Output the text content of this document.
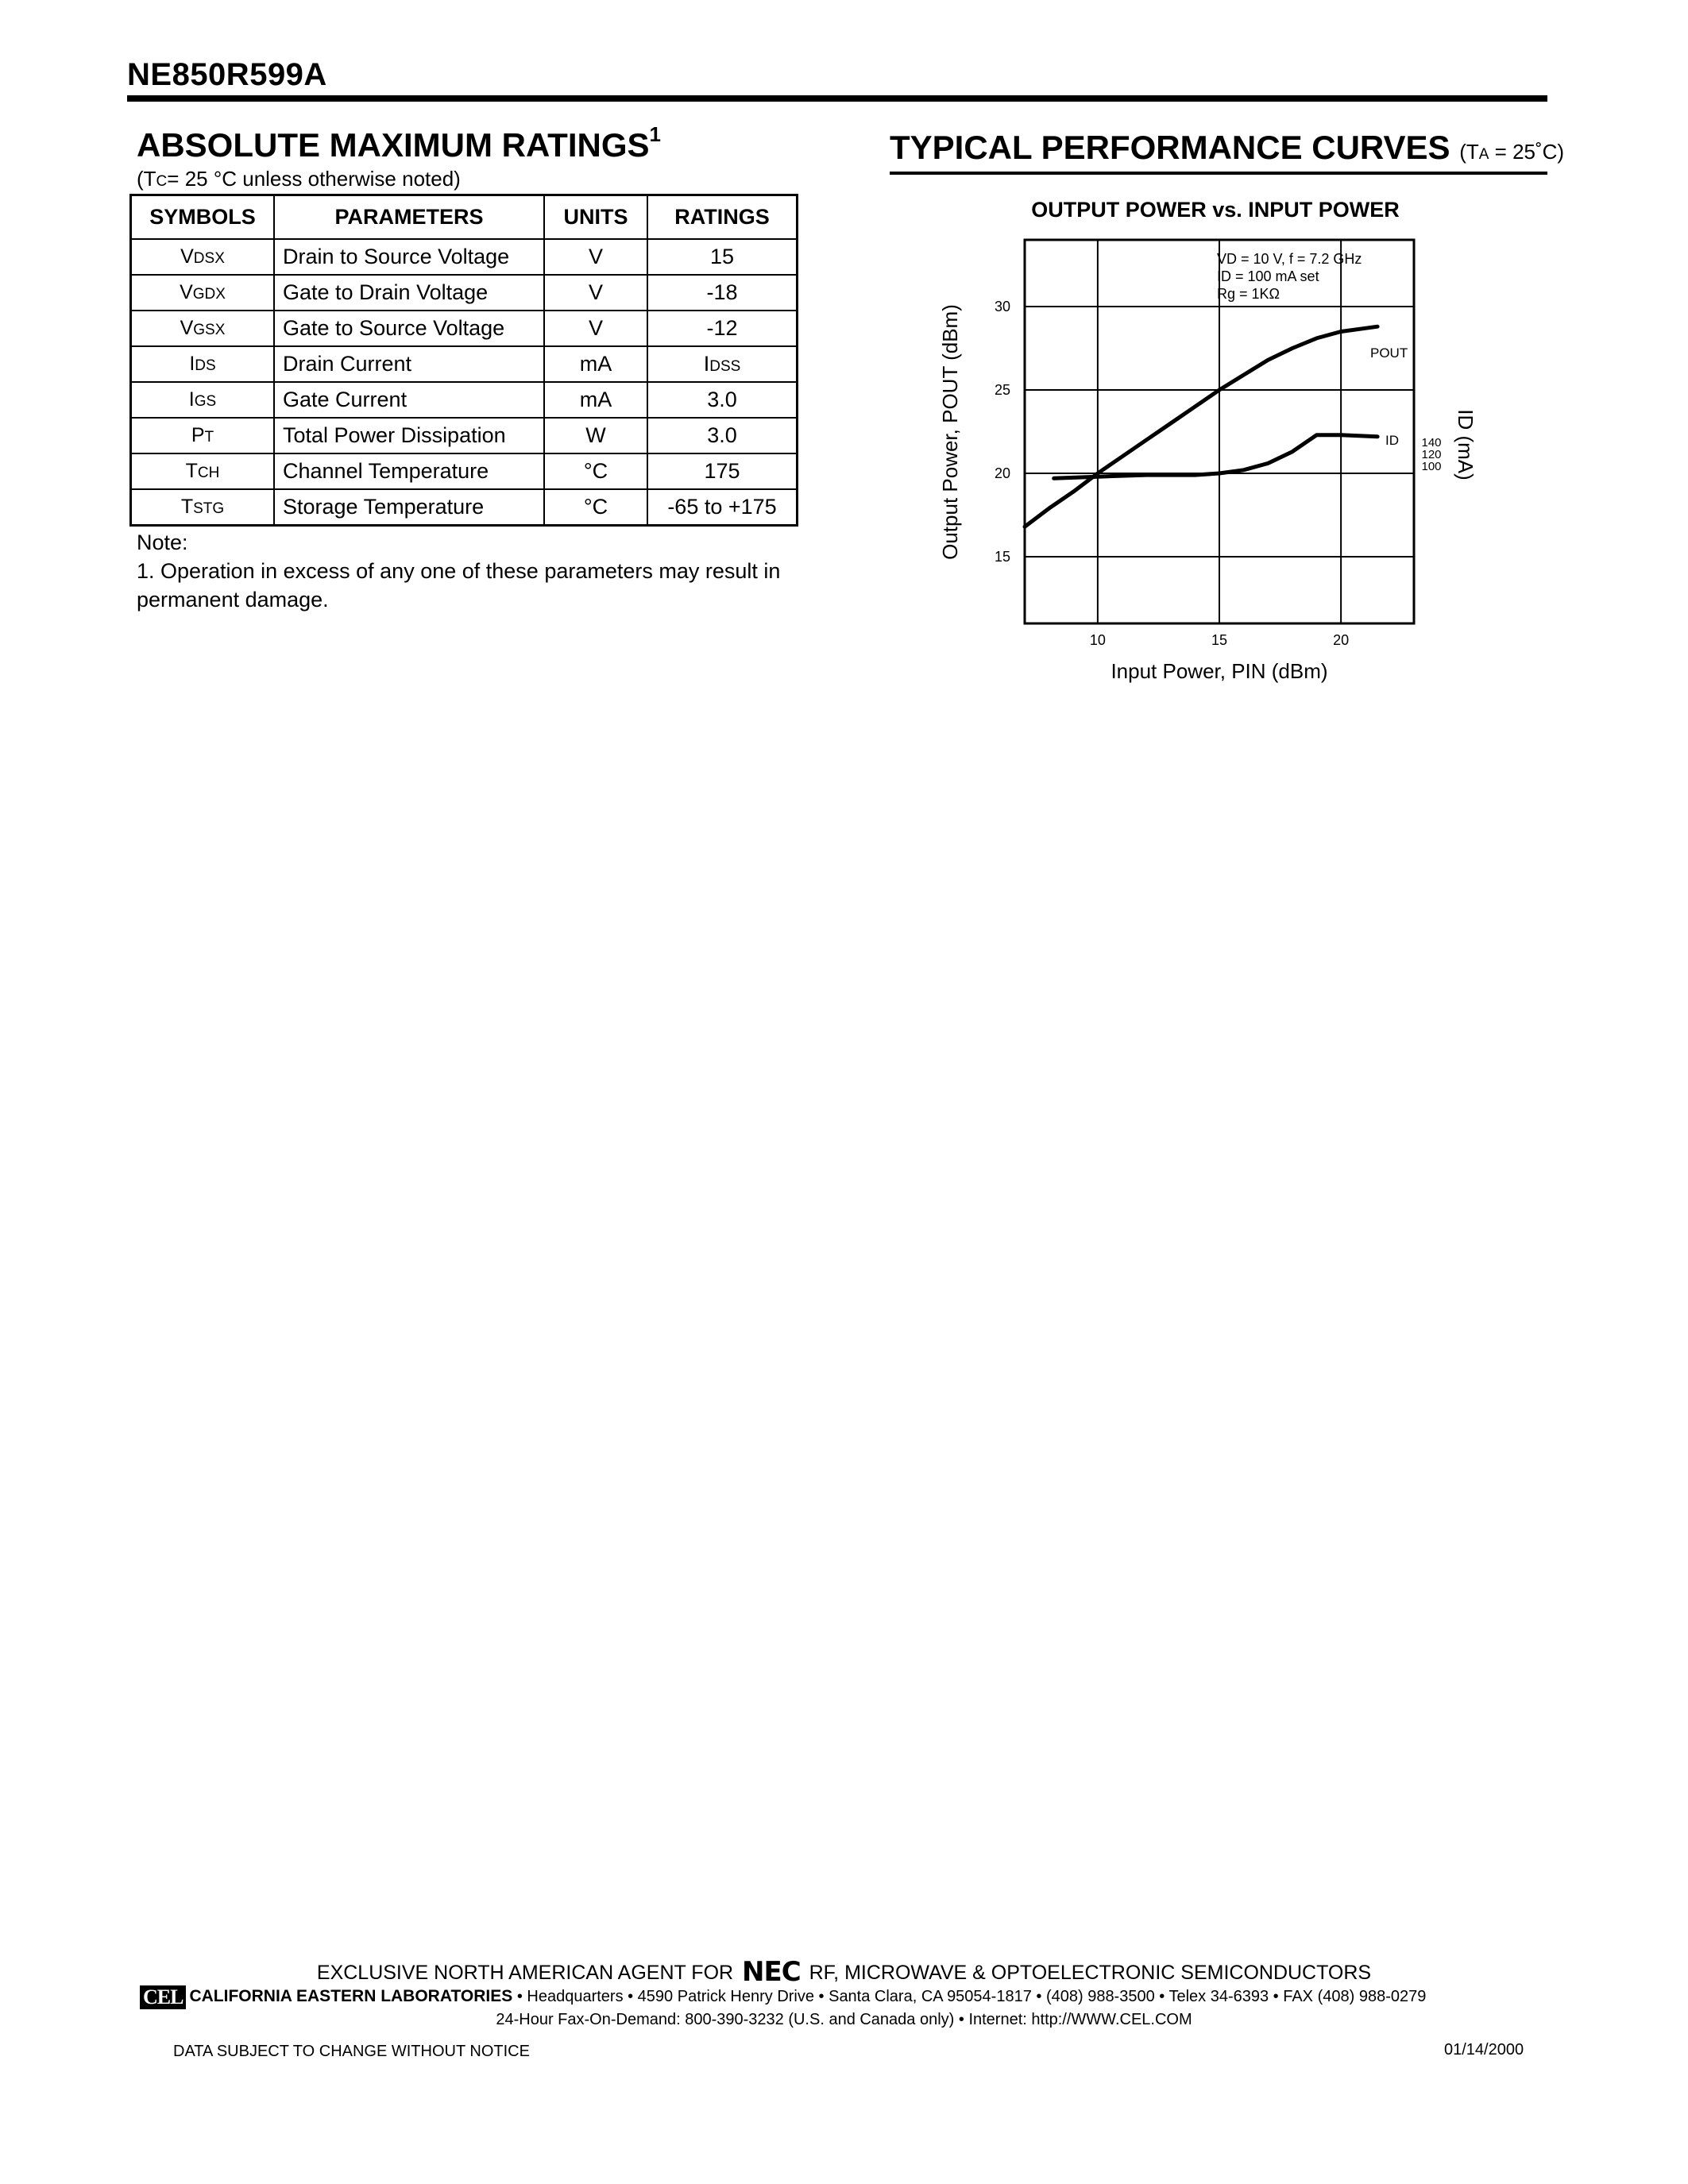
NE850R599A
ABSOLUTE MAXIMUM RATINGS$^1$
(TC= 25 °C unless otherwise noted)
SYMBOLS	PARAMETERS	UNITS	RATINGS
VDSX	Drain to Source Voltage	V	15
VGDX	Gate to Drain Voltage	V	-18
VGSX	Gate to Source Voltage	V	-12
IDS	Drain Current	mA	IDSS
IGS	Gate Current	mA	3.0
PT	Total Power Dissipation	W	3.0
TCH	Channel Temperature	°C	175
TSTG	Storage Temperature	°C	-65 to +175
Note:
1. Operation in excess of any one of these parameters may result in permanent damage.
TYPICAL PERFORMANCE CURVES (TA = 25˚C)
OUTPUT POWER vs. INPUT POWER
VD = 10 V, f = 7.2 GHz
ID = 100 mA set
Rg = 1KΩ
10	15	20
15
20
25
30
140
120
100
POUT
ID
Input Power, PIN (dBm)
Output Power, POUT (dBm)	ID (mA)
EXCLUSIVE NORTH AMERICAN AGENT FOR NEC RF, MICROWAVE & OPTOELECTRONIC SEMICONDUCTORS
CEL CALIFORNIA EASTERN LABORATORIES • Headquarters • 4590 Patrick Henry Drive • Santa Clara, CA 95054-1817 • (408) 988-3500 • Telex 34-6393 • FAX (408) 988-0279
24-Hour Fax-On-Demand: 800-390-3232 (U.S. and Canada only) • Internet: http://WWW.CEL.COM
DATA SUBJECT TO CHANGE WITHOUT NOTICE	01/14/2000
